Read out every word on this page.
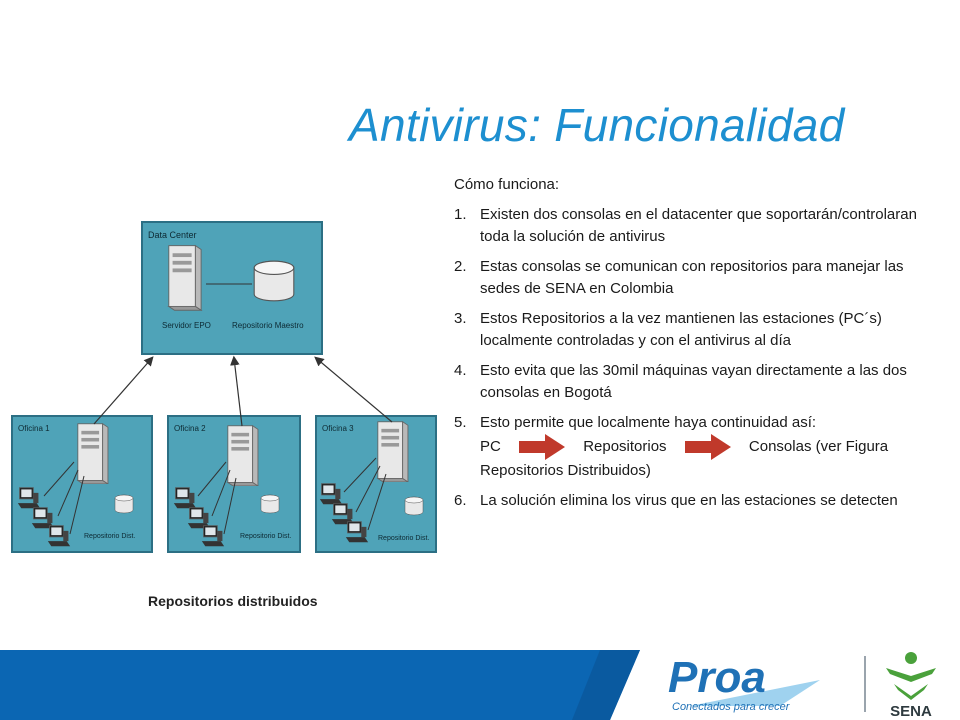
Antivirus: Funcionalidad

Cómo funciona:

1. Existen dos consolas en el datacenter que soportarán/controlaran toda la solución de antivirus
2. Estas consolas se comunican con repositorios para manejar las sedes de SENA en Colombia
3. Estos Repositorios a la vez mantienen las estaciones (PC´s) localmente controladas y con el antivirus al día
4. Esto evita que las 30mil máquinas vayan directamente a las dos consolas en Bogotá
5. Esto permite que localmente haya continuidad así:
PC	Repositorios	Consolas (ver Figura
Repositorios Distribuidos)
6. La solución elimina los virus que en las estaciones se detecten
Data Center
Servidor EPO	Repositorio Maestro
Oficina 1
Repositorio Dist.
Oficina 2
Repositorio Dist.
Oficina 3
Repositorio Dist.
Repositorios distribuidos
Proa
Conectados para crecer	SENA
